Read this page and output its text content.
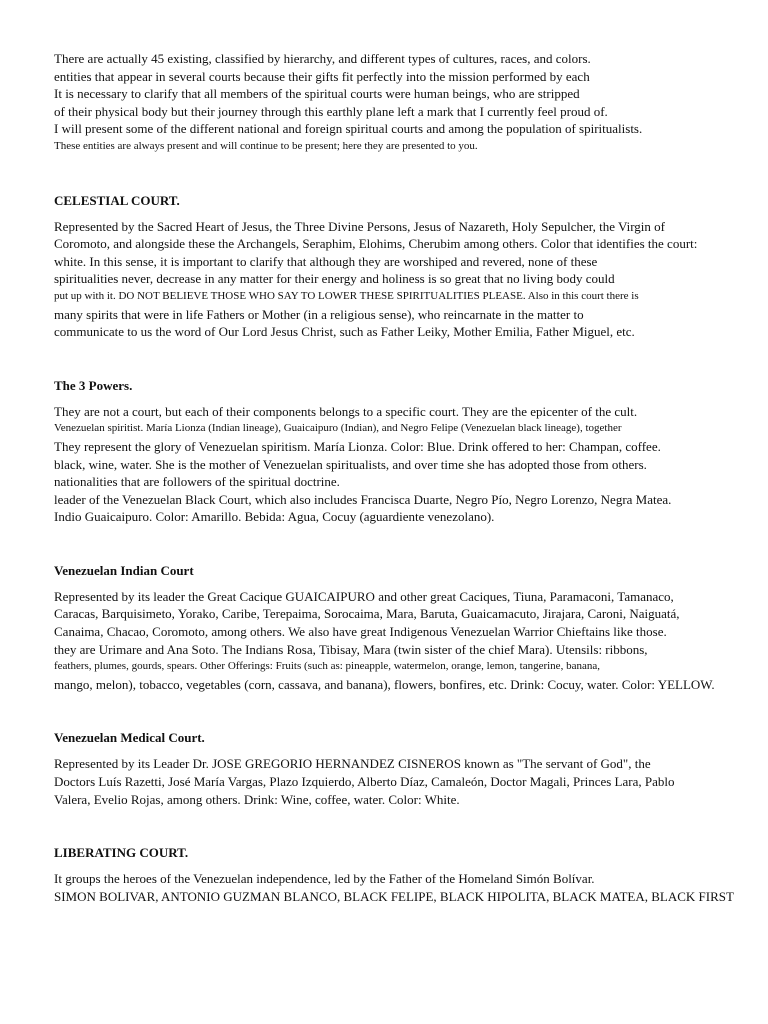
There are actually 45 existing, classified by hierarchy, and different types of cultures, races, and colors.
entities that appear in several courts because their gifts fit perfectly into the mission performed by each
It is necessary to clarify that all members of the spiritual courts were human beings, who are stripped
of their physical body but their journey through this earthly plane left a mark that I currently feel proud of.
I will present some of the different national and foreign spiritual courts and among the population of spiritualists.
These entities are always present and will continue to be present; here they are presented to you.
CELESTIAL COURT.
Represented by the Sacred Heart of Jesus, the Three Divine Persons, Jesus of Nazareth, Holy Sepulcher, the Virgin of
Coromoto, and alongside these the Archangels, Seraphim, Elohims, Cherubim among others. Color that identifies the court:
white. In this sense, it is important to clarify that although they are worshiped and revered, none of these
spiritualities never, decrease in any matter for their energy and holiness is so great that no living body could
put up with it. DO NOT BELIEVE THOSE WHO SAY TO LOWER THESE SPIRITUALITIES PLEASE. Also in this court there is
many spirits that were in life Fathers or Mother (in a religious sense), who reincarnate in the matter to
communicate to us the word of Our Lord Jesus Christ, such as Father Leiky, Mother Emilia, Father Miguel, etc.
The 3 Powers.
They are not a court, but each of their components belongs to a specific court. They are the epicenter of the cult.
Venezuelan spiritist. María Lionza (Indian lineage), Guaicaipuro (Indian), and Negro Felipe (Venezuelan black lineage), together
They represent the glory of Venezuelan spiritism. María Lionza. Color: Blue. Drink offered to her: Champan, coffee.
black, wine, water. She is the mother of Venezuelan spiritualists, and over time she has adopted those from others.
nationalities that are followers of the spiritual doctrine.
leader of the Venezuelan Black Court, which also includes Francisca Duarte, Negro Pío, Negro Lorenzo, Negra Matea.
Indio Guaicaipuro. Color: Amarillo. Bebida: Agua, Cocuy (aguardiente venezolano).
Venezuelan Indian Court
Represented by its leader the Great Cacique GUAICAIPURO and other great Caciques, Tiuna, Paramaconi, Tamanaco,
Caracas, Barquisimeto, Yorako, Caribe, Terepaima, Sorocaima, Mara, Baruta, Guaicamacuto, Jirajara, Caroni, Naiguatá,
Canaima, Chacao, Coromoto, among others. We also have great Indigenous Venezuelan Warrior Chieftains like those.
they are Urimare and Ana Soto. The Indians Rosa, Tibisay, Mara (twin sister of the chief Mara). Utensils: ribbons,
feathers, plumes, gourds, spears. Other Offerings: Fruits (such as: pineapple, watermelon, orange, lemon, tangerine, banana,
mango, melon), tobacco, vegetables (corn, cassava, and banana), flowers, bonfires, etc. Drink: Cocuy, water. Color: YELLOW.
Venezuelan Medical Court.
Represented by its Leader Dr. JOSE GREGORIO HERNANDEZ CISNEROS known as "The servant of God", the
Doctors Luís Razetti, José María Vargas, Plazo Izquierdo, Alberto Díaz, Camaleón, Doctor Magali, Princes Lara, Pablo
Valera, Evelio Rojas, among others. Drink: Wine, coffee, water. Color: White.
LIBERATING COURT.
It groups the heroes of the Venezuelan independence, led by the Father of the Homeland Simón Bolívar.
SIMON BOLIVAR, ANTONIO GUZMAN BLANCO, BLACK FELIPE, BLACK HIPOLITA, BLACK MATEA, BLACK FIRST
